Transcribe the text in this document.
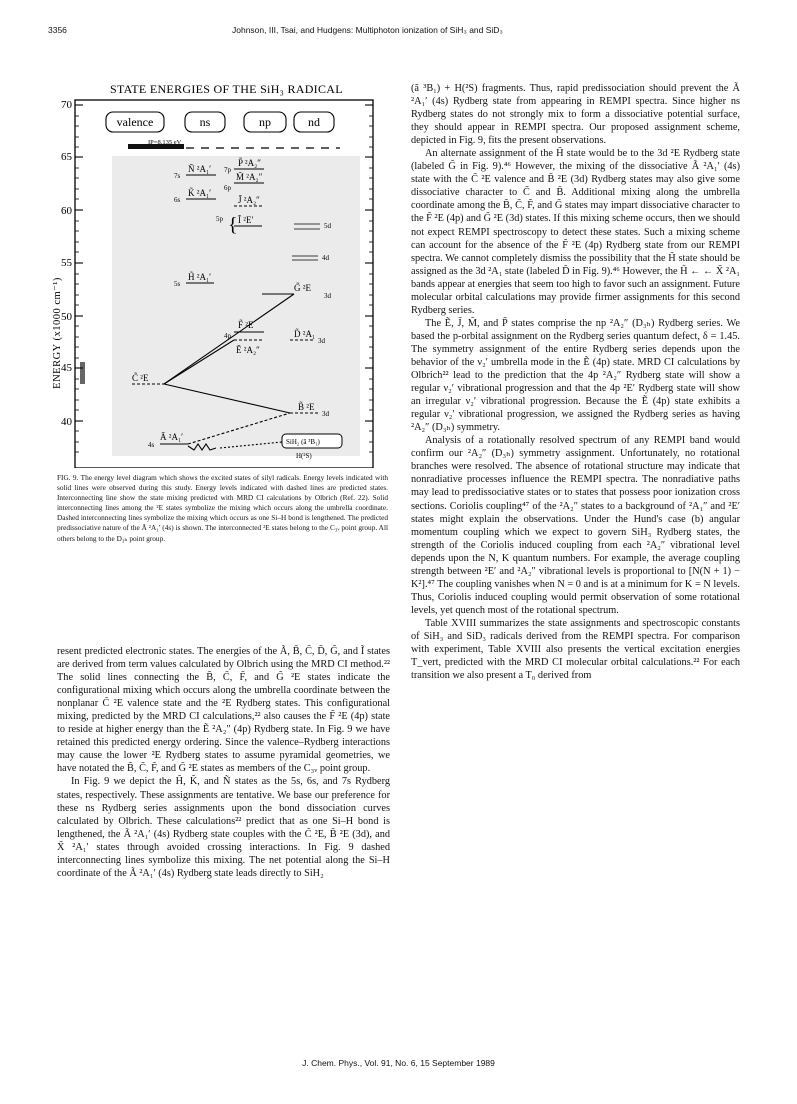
3356	Johnson, III, Tsai, and Hudgens: Multiphoton ionization of SiH₃ and SiD₃
STATE ENERGIES OF THE SiH₃ RADICAL
ENERGY (x1000 cm⁻¹)
70
65
60
55
50
45
40
valence	ns	np	nd
IP=8.135 eV
Ñ ²A₁′
P̃ ²A₂″
M̃ ²A₂″
K̃ ²A₁′
J̃ ²A₂″
Ĩ ²E′
H̃ ²A₁′
G̃ ²E
F̃ ²E
D̃ ²A₁
Ẽ ²A₂″
C̃ ²E
B̃ ²E
Ã ²A₁′
7s
7p
6s
6p
5p
5s
4p
4s
5d
4d
3d
3d
3d
{
SiH₂ (ã ³B₁)
H(²S)
FIG. 9. The energy level diagram which shows the excited states of silyl radicals. Energy levels indicated with solid lines were observed during this study. Energy levels indicated with dashed lines are predicted states. Interconnecting line show the state mixing predicted with MRD CI calculations by Olbrich (Ref. 22). Solid interconnecting lines among the ²E states symbolize the mixing which occurs along the umbrella coordinate. Dashed interconnecting lines symbolize the mixing which occurs as one Si–H bond is lengthened. The predicted predissociative nature of the Ã ²A₁′ (4s) is shown. The interconnected ²E states belong to the C₃ᵥ point group. All others belong to the D₃ₕ point group.

resent predicted electronic states. The energies of the Ã, B̃, C̃, D̃, G̃, and Ĩ states are derived from term values calculated by Olbrich using the MRD CI method.²² The solid lines connecting the B̃, C̃, F̃, and G̃ ²E states indicate the configurational mixing which occurs along the umbrella coordinate between the nonplanar C̃ ²E valence state and the ²E Rydberg states. This configurational mixing, predicted by the MRD CI calculations,²² also causes the F̃ ²E (4p) state to reside at higher energy than the Ẽ ²A₂″ (4p) Rydberg state. In Fig. 9 we have retained this predicted energy ordering. Since the valence–Rydberg interactions may cause the lower ²E Rydberg states to assume pyramidal geometries, we have notated the B̃, C̃, F̃, and G̃ ²E states as members of the C₃ᵥ point group.

In Fig. 9 we depict the H̃, K̃, and Ñ states as the 5s, 6s, and 7s Rydberg states, respectively. These assignments are tentative. We base our preference for these ns Rydberg series assignments upon the bond dissociation curves calculated by Olbrich. These calculations²² predict that as one Si–H bond is lengthened, the Ã ²A₁′ (4s) Rydberg state couples with the C̃ ²E, B̃ ²E (3d), and X̃ ²A₁′ states through avoided crossing interactions. In Fig. 9 dashed interconnecting lines symbolize this mixing. The net potential along the Si–H coordinate of the Ã ²A₁′ (4s) Rydberg state leads directly to SiH₂

(ã ³B₁) + H(²S) fragments. Thus, rapid predissociation should prevent the Ã ²A₁′ (4s) Rydberg state from appearing in REMPI spectra. Since higher ns Rydberg states do not strongly mix to form a dissociative potential surface, they should appear in REMPI spectra. Our proposed assignment scheme, depicted in Fig. 9, fits the present observations.

An alternate assignment of the H̃ state would be to the 3d ²E Rydberg state (labeled G̃ in Fig. 9).⁴⁶ However, the mixing of the dissociative Ã ²A₁′ (4s) state with the C̃ ²E valence and B̃ ²E (3d) Rydberg states may also give some dissociative character to C̃ and B̃. Additional mixing along the umbrella coordinate among the B̃, C̃, F̃, and G̃ states may impart dissociative character to the F̃ ²E (4p) and G̃ ²E (3d) states. If this mixing scheme occurs, then we should not expect REMPI spectroscopy to detect these states. Such a mixing scheme can account for the absence of the F̃ ²E (4p) Rydberg state from our REMPI spectra. We cannot completely dismiss the possibility that the H̃ state should be assigned as the 3d ²A₁ state (labeled D̃ in Fig. 9).⁴⁶ However, the H̃ ← ← X̃ ²A₁ bands appear at energies that seem too high to favor such an assignment. Future molecular orbital calculations may provide firmer assignments for this second Rydberg series.

The Ẽ, J̃, M̃, and P̃ states comprise the np ²A₂″ (D₃ₕ) Rydberg series. We based the p-orbital assignment on the Rydberg series quantum defect, δ = 1.45. The symmetry assignment of the entire Rydberg series depends upon the behavior of the ν₂′ umbrella mode in the Ẽ (4p) state. MRD CI calculations by Olbrich²² lead to the prediction that the 4p ²A₂″ Rydberg state will show a regular ν₂′ vibrational progression and that the 4p ²E′ Rydberg state will show an irregular ν₂′ vibrational progression. Because the Ẽ (4p) state exhibits a regular ν₂′ vibrational progression, we assigned the Rydberg series as having ²A₂″ (D₃ₕ) symmetry.

Analysis of a rotationally resolved spectrum of any REMPI band would confirm our ²A₂″ (D₃ₕ) symmetry assignment. Unfortunately, no rotational branches were resolved. The absence of rotational structure may indicate that nonradiative processes influence the REMPI spectra. The nonradiative paths may lead to predissociative states or to states that possess poor ionization cross sections. Coriolis coupling⁴⁷ of the ²A₂″ states to a background of ²A₁″ and ²E′ states might explain the observations. Under the Hund's case (b) angular momentum coupling which we expect to govern SiH₃ Rydberg states, the strength of the Coriolis induced coupling from each ²A₂″ vibrational level depends upon the N, K quantum numbers. For example, the average coupling strength between ²E′ and ²A₂″ vibrational levels is proportional to [N(N + 1) − K²].⁴⁷ The coupling vanishes when N = 0 and is at a minimum for K = N levels. Thus, Coriolis induced coupling would permit observation of some rotational levels, yet quench most of the rotational spectrum.

Table XVIII summarizes the state assignments and spectroscopic constants of SiH₃ and SiD₃ radicals derived from the REMPI spectra. For comparison with experiment, Table XVIII also presents the vertical excitation energies T_vert, predicted with the MRD CI molecular orbital calculations.²² For each transition we also present a T₀ derived from

J. Chem. Phys., Vol. 91, No. 6, 15 September 1989
